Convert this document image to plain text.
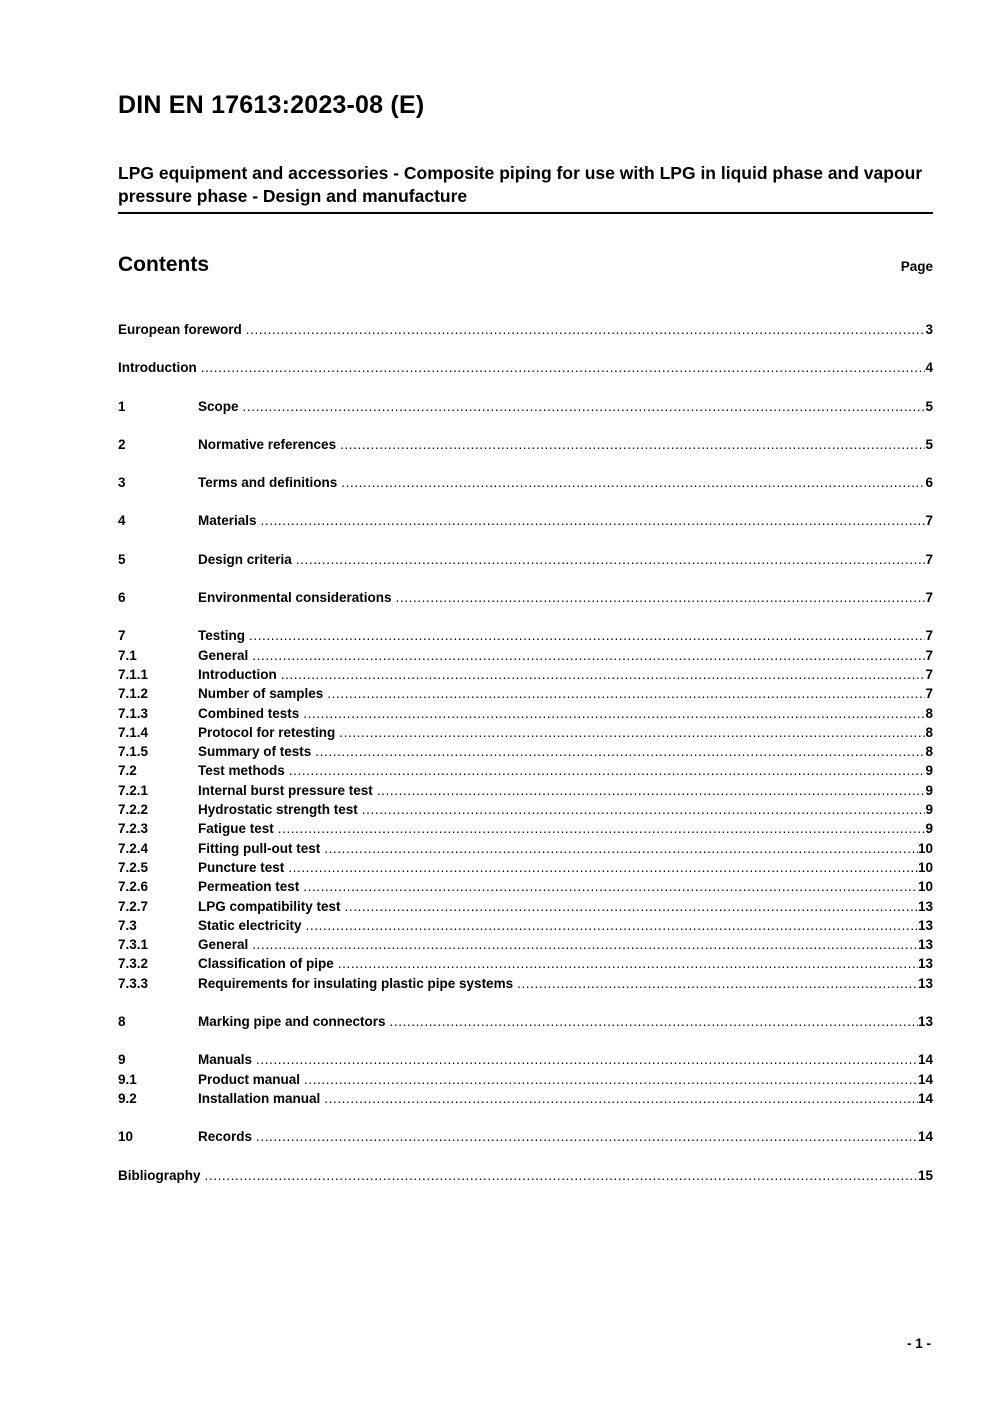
DIN EN 17613:2023-08 (E)
LPG equipment and accessories - Composite piping for use with LPG in liquid phase and vapour pressure phase - Design and manufacture
Contents	Page
European foreword .....	3
Introduction .....	4
1	Scope .....	5
2	Normative references .....	5
3	Terms and definitions .....	6
4	Materials .....	7
5	Design criteria .....	7
6	Environmental considerations .....	7
7	Testing .....	7
7.1	General .....	7
7.1.1	Introduction .....	7
7.1.2	Number of samples .....	7
7.1.3	Combined tests .....	8
7.1.4	Protocol for retesting .....	8
7.1.5	Summary of tests .....	8
7.2	Test methods .....	9
7.2.1	Internal burst pressure test .....	9
7.2.2	Hydrostatic strength test .....	9
7.2.3	Fatigue test .....	9
7.2.4	Fitting pull-out test .....	10
7.2.5	Puncture test .....	10
7.2.6	Permeation test .....	10
7.2.7	LPG compatibility test .....	13
7.3	Static electricity .....	13
7.3.1	General .....	13
7.3.2	Classification of pipe .....	13
7.3.3	Requirements for insulating plastic pipe systems .....	13
8	Marking pipe and connectors .....	13
9	Manuals .....	14
9.1	Product manual .....	14
9.2	Installation manual .....	14
10	Records .....	14
Bibliography .....	15
- 1 -
